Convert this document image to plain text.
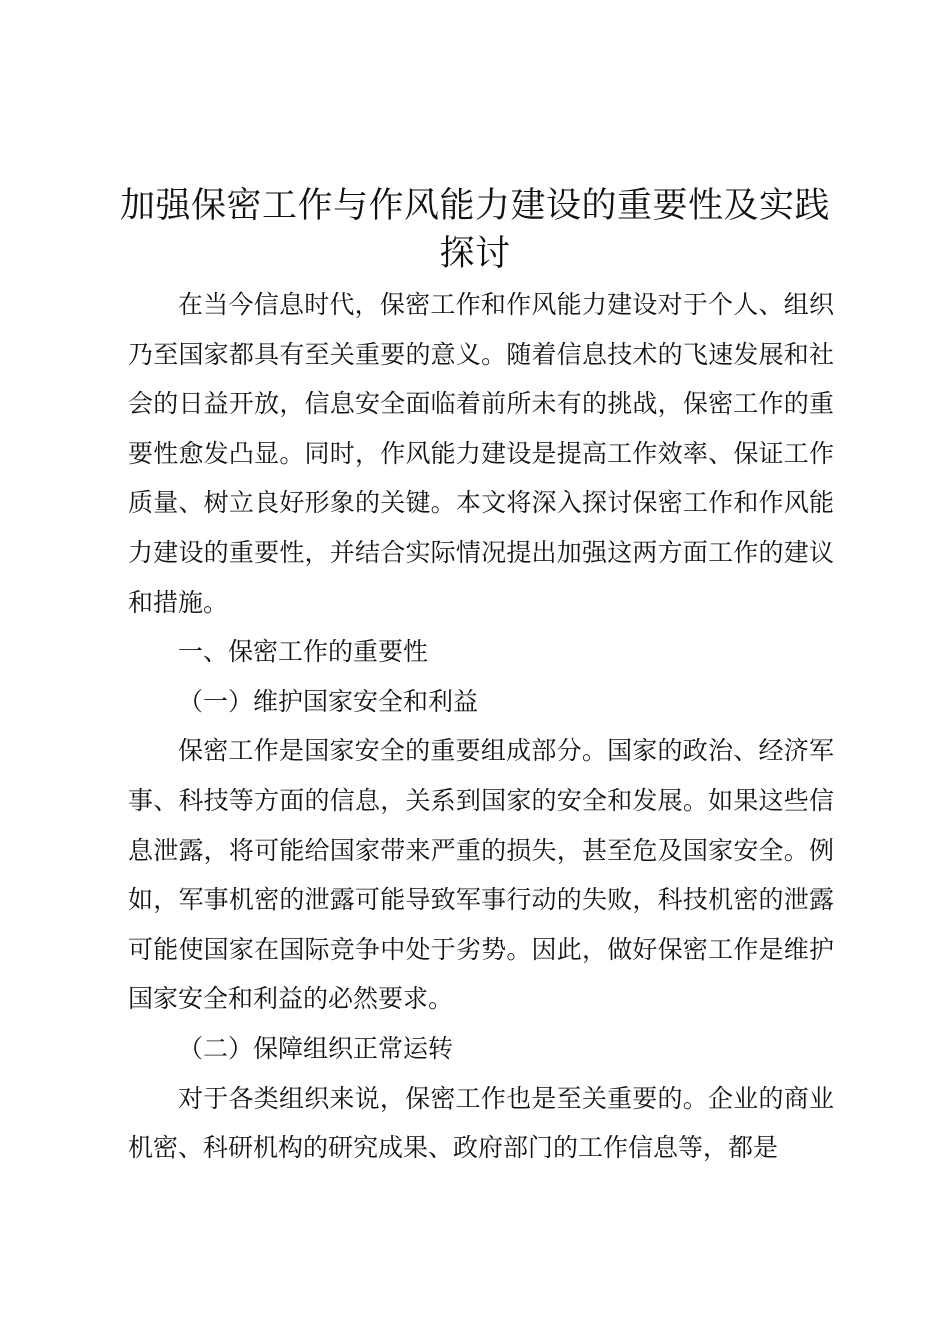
加强保密工作与作风能力建设的重要性及实践探讨

在当今信息时代，保密工作和作风能力建设对于个人、组织乃至国家都具有至关重要的意义。随着信息技术的飞速发展和社会的日益开放，信息安全面临着前所未有的挑战，保密工作的重要性愈发凸显。同时，作风能力建设是提高工作效率、保证工作质量、树立良好形象的关键。本文将深入探讨保密工作和作风能力建设的重要性，并结合实际情况提出加强这两方面工作的建议和措施。

一、保密工作的重要性

（一）维护国家安全和利益

保密工作是国家安全的重要组成部分。国家的政治、经济军事、科技等方面的信息，关系到国家的安全和发展。如果这些信息泄露，将可能给国家带来严重的损失，甚至危及国家安全。例如，军事机密的泄露可能导致军事行动的失败，科技机密的泄露可能使国家在国际竞争中处于劣势。因此，做好保密工作是维护国家安全和利益的必然要求。

（二）保障组织正常运转

对于各类组织来说，保密工作也是至关重要的。企业的商业机密、科研机构的研究成果、政府部门的工作信息等，都是
